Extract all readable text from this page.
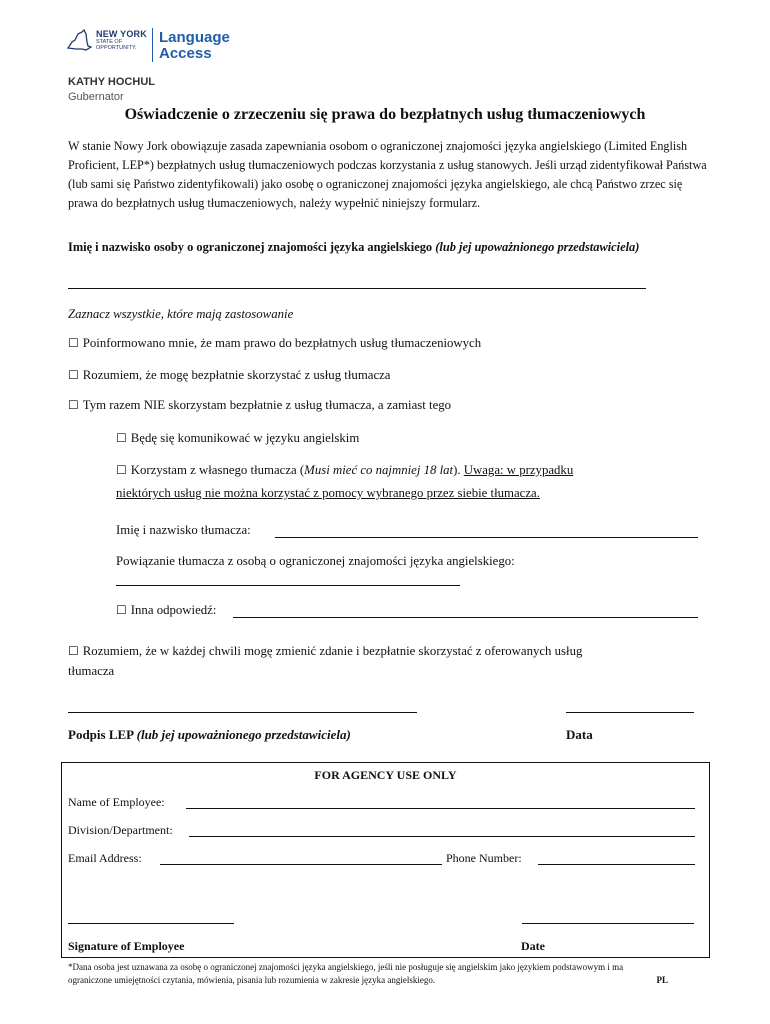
NEW YORK
STATE OF
OPPORTUNITY.
Language
Access
KATHY HOCHUL
Gubernator
Oświadczenie o zrzeczeniu się prawa do bezpłatnych usług tłumaczeniowych
W stanie Nowy Jork obowiązuje zasada zapewniania osobom o ograniczonej znajomości języka angielskiego (Limited English Proficient, LEP*) bezpłatnych usług tłumaczeniowych podczas korzystania z usług stanowych. Jeśli urząd zidentyfikował Państwa (lub sami się Państwo zidentyfikowali) jako osobę o ograniczonej znajomości języka angielskiego, ale chcą Państwo zrzec się prawa do bezpłatnych usług tłumaczeniowych, należy wypełnić niniejszy formularz.
Imię i nazwisko osoby o ograniczonej znajomości języka angielskiego (lub jej upoważnionego przedstawiciela)
Zaznacz wszystkie, które mają zastosowanie
☐ Poinformowano mnie, że mam prawo do bezpłatnych usług tłumaczeniowych
☐ Rozumiem, że mogę bezpłatnie skorzystać z usług tłumacza
☐ Tym razem NIE skorzystam bezpłatnie z usług tłumacza, a zamiast tego
☐ Będę się komunikować w języku angielskim
☐ Korzystam z własnego tłumacza (Musi mieć co najmniej 18 lat). Uwaga: w przypadku
niektórych usług nie można korzystać z pomocy wybranego przez siebie tłumacza.
Imię i nazwisko tłumacza:
Powiązanie tłumacza z osobą o ograniczonej znajomości języka angielskiego:
☐ Inna odpowiedź:
☐ Rozumiem, że w każdej chwili mogę zmienić zdanie i bezpłatnie skorzystać z oferowanych usług
tłumacza
Podpis LEP (lub jej upoważnionego przedstawiciela)	Data
FOR AGENCY USE ONLY
Name of Employee:
Division/Department:
Email Address:	Phone Number:
Signature of Employee	Date
*Dana osoba jest uznawana za osobę o ograniczonej znajomości języka angielskiego, jeśli nie posługuje się angielskim jako językiem podstawowym i ma
ograniczone umiejętności czytania, mówienia, pisania lub rozumienia w zakresie języka angielskiego.	PL
